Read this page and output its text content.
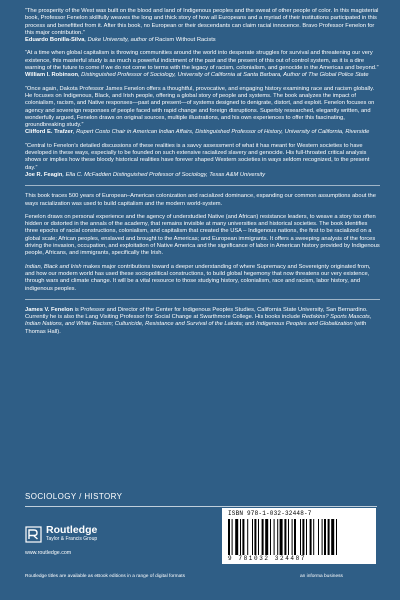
“The prosperity of the West was built on the blood and land of Indigenous peoples and the sweat of other people of color. In this magisterial book, Professor Fenelon skillfully weaves the long and thick story of how all Europeans and a myriad of their institutions participated in this process and benefitted from it. After this book, no European or their descendants can claim racial innocence. Bravo Professor Fenelon for this major contribution.”

Eduardo Bonilla-Silva, Duke University, author of Racism Without Racists

“At a time when global capitalism is throwing communities around the world into desperate struggles for survival and threatening our very existence, this masterful study is as much a powerful indictment of the past and the present of this out of control system, as it is a dire warning of the future to come if we do not come to terms with the legacy of racism, colonialism, and genocide in the Americas and beyond.”

William I. Robinson, Distinguished Professor of Sociology, University of California at Santa Barbara, Author of The Global Police State

“Once again, Dakota Professor James Fenelon offers a thoughtful, provocative, and engaging history examining race and racism globally. He focuses on Indigenous, Black, and Irish people, offering a global story of people and systems. The book analyzes the impact of colonialism, racism, and Native responses—past and present—of systems designed to denigrate, distort, and exploit. Fenelon focuses on agency and sovereign responses of people faced with rapid change and foreign disruptions. Superbly researched, elegantly written, and wonderfully argued, Fenelon draws on original sources, multiple illustrations, and his own experiences to offer this fascinating, groundbreaking study.”

Clifford E. Trafzer, Rupert Costo Chair in American Indian Affairs, Distinguished Professor of History, University of California, Riverside

“Central to Fenelon’s detailed discussions of these realities is a savvy assessment of what it has meant for Western societies to have developed in these ways, especially to be founded on such extensive racialized slavery and genocide. His full-throated critical analysis shows or implies how these bloody historical realities have forever shaped Western societies in ways seldom recognized, to the present day.”

Joe R. Feagin, Ella C. McFadden Distinguished Professor of Sociology, Texas A&M University

This book traces 500 years of European–American colonization and racialized dominance, expanding our common assumptions about the ways racialization was used to build capitalism and the modern world-system.

Fenelon draws on personal experience and the agency of understudied Native (and African) resistance leaders, to weave a story too often hidden or distorted in the annals of the academy, that remains invisible at many universities and historical societies. The book identifies three epochs of racial constructions, colonialism, and capitalism that created the USA – Indigenous nations, the first to be racialized on a global scale; African peoples, enslaved and brought to the Americas; and European immigrants. It offers a sweeping analysis of the forces driving the invasion, occupation, and exploitation of Native America and the significance of labor in American history provided by Indigenous people, Africans, and immigrants, specifically the Irish.

Indian, Black and Irish makes major contributions toward a deeper understanding of where Supremacy and Sovereignty originated from, and how our modern world has used these sociopolitical constructions, to build global hegemony that now threatens our very existence, through wars and climate change. It will be a vital resource to those studying history, colonialism, race and racism, labor history, and indigenous peoples.

James V. Fenelon is Professor and Director of the Center for Indigenous Peoples Studies, California State University, San Bernardino. Currently he is also the Lang Visiting Professor for Social Change at Swarthmore College. His books include Redskins? Sports Mascots, Indian Nations, and White Racism; Culturicide, Resistance and Survival of the Lakota; and Indigenous Peoples and Globalization (with Thomas Hall).

SOCIOLOGY / HISTORY
Routledge
Taylor & Francis Group
www.routledge.com
ISBN 978-1-032-32448-7
9 781032 324487
Routledge titles are available as eBook editions in a range of digital formats	an informa business
